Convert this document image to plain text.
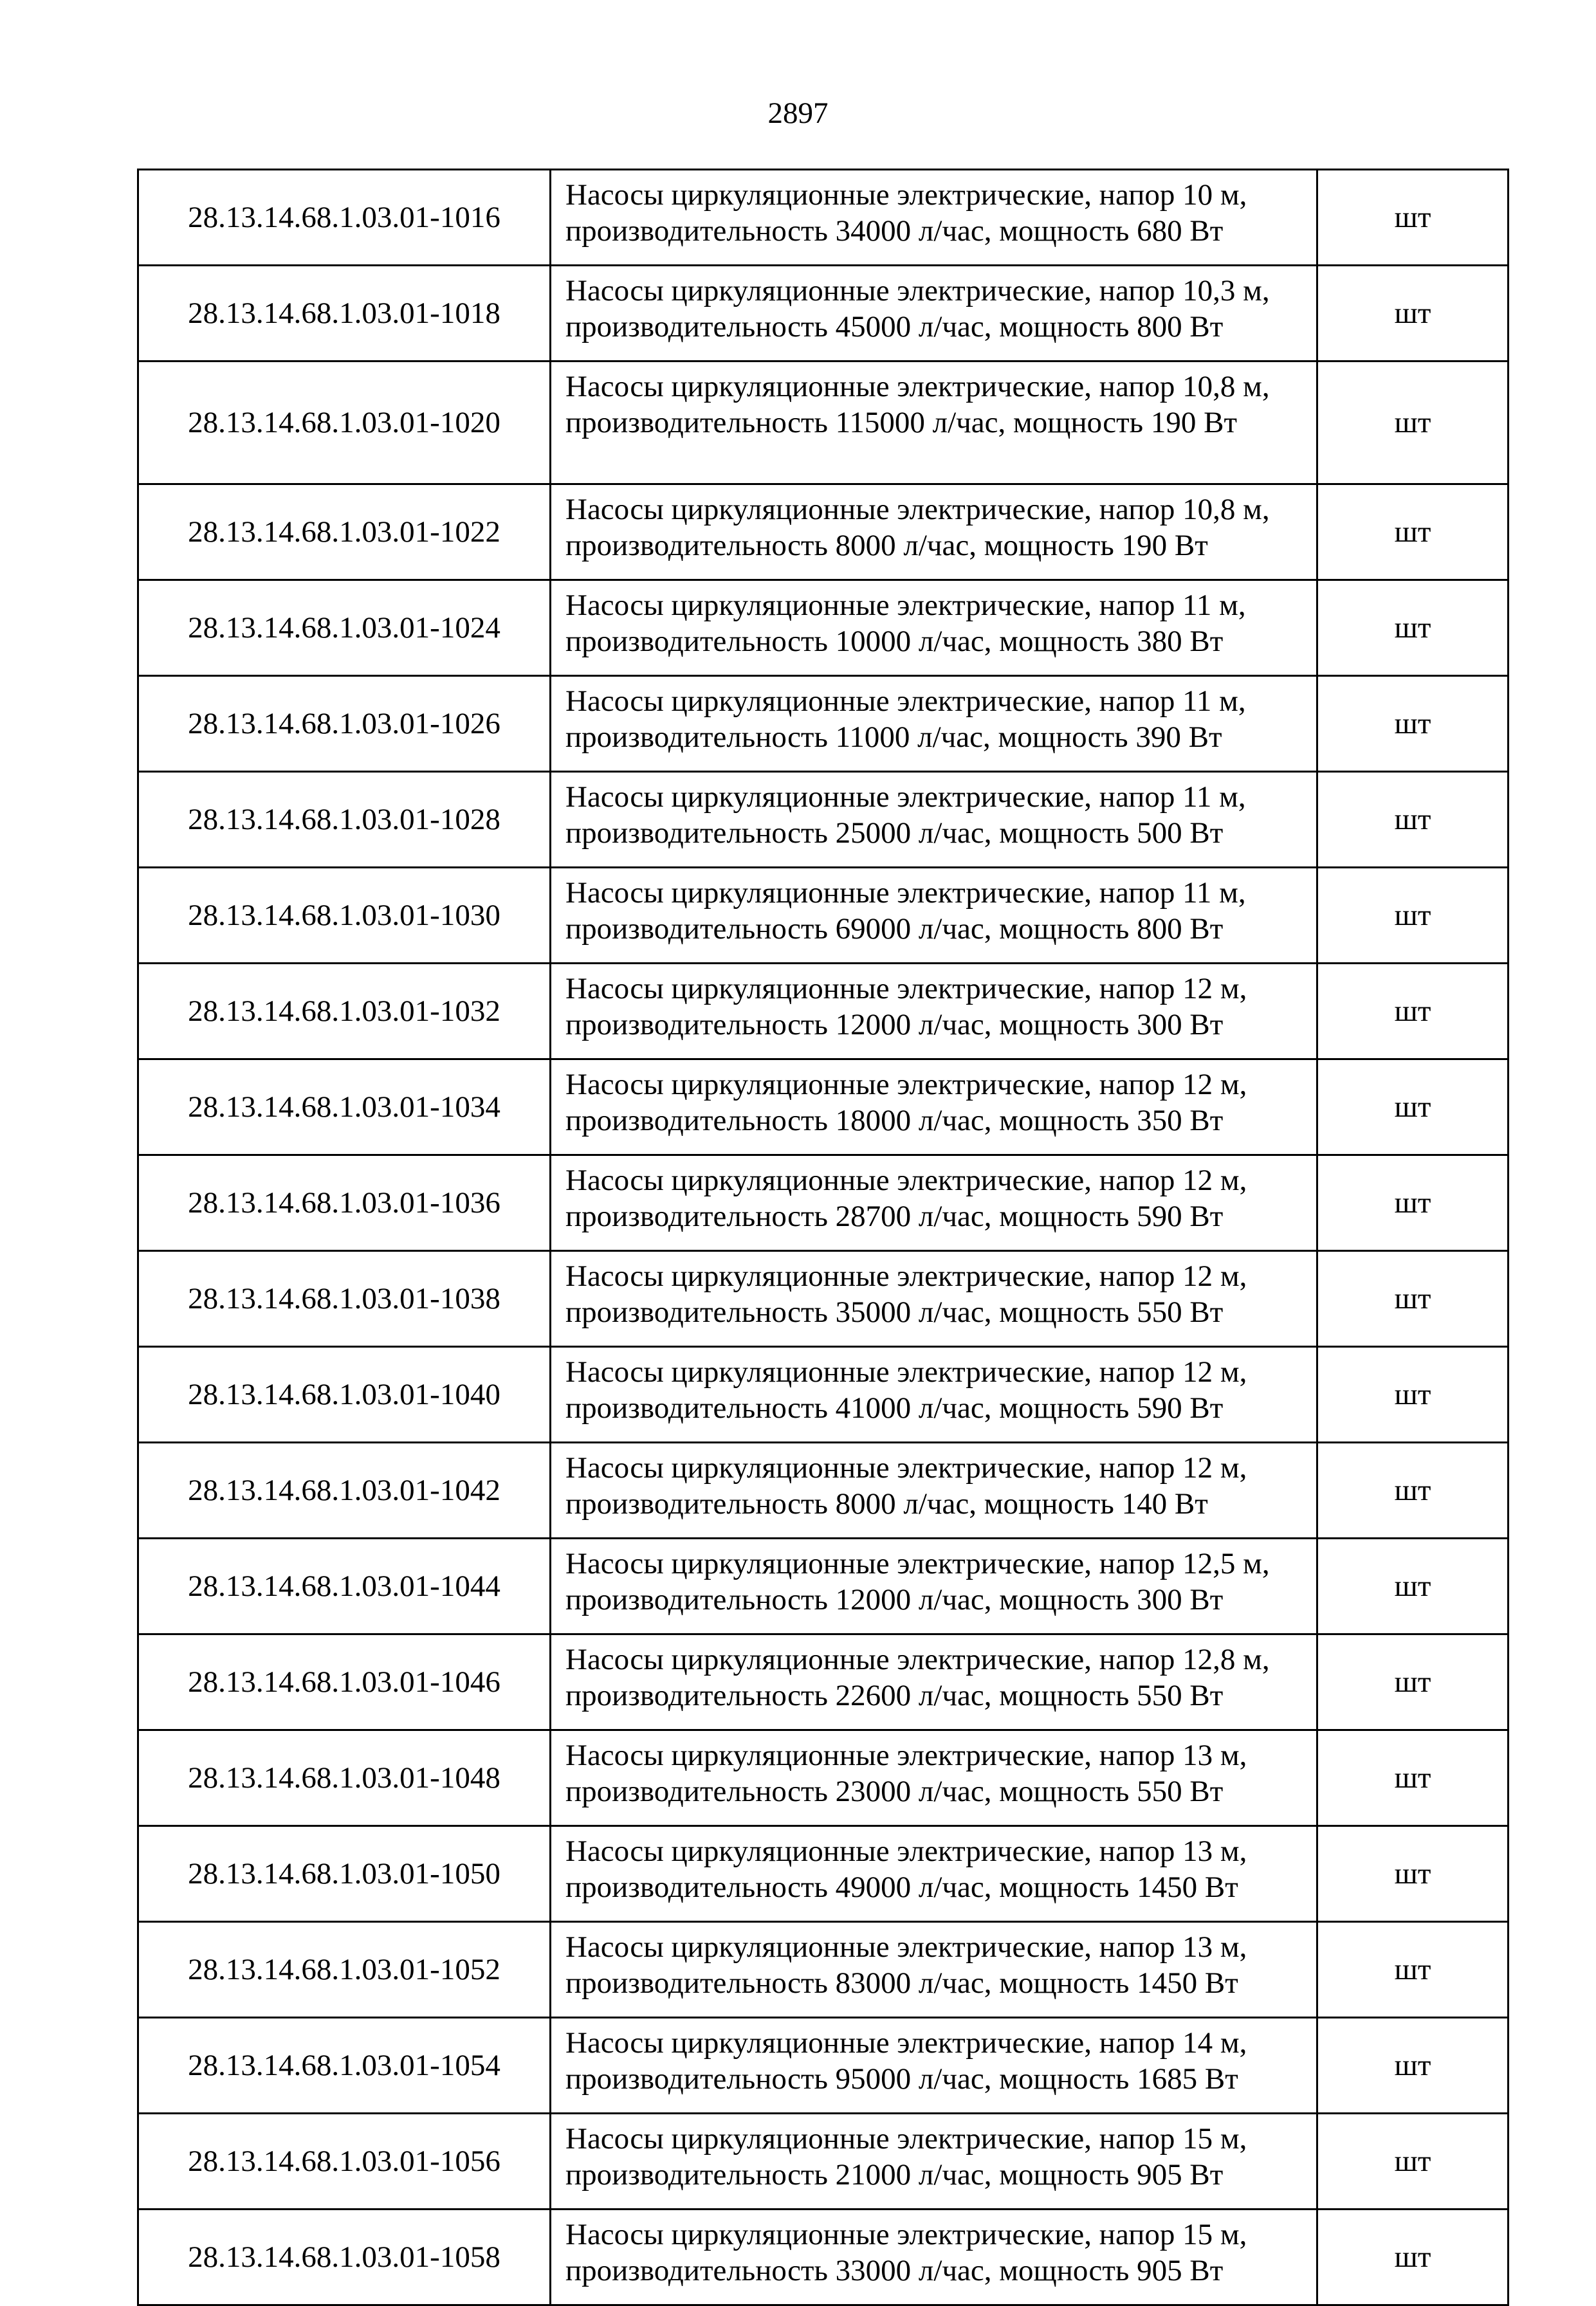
2897
28.13.14.68.1.03.01-1016	Насосы циркуляционные электрические, напор 10 м, производительность 34000 л/час, мощность 680 Вт	шт
28.13.14.68.1.03.01-1018	Насосы циркуляционные электрические, напор 10,3 м, производительность 45000 л/час, мощность 800 Вт	шт
28.13.14.68.1.03.01-1020	Насосы циркуляционные электрические, напор 10,8 м, производительность 115000 л/час, мощность 190 Вт	шт
28.13.14.68.1.03.01-1022	Насосы циркуляционные электрические, напор 10,8 м, производительность 8000 л/час, мощность 190 Вт	шт
28.13.14.68.1.03.01-1024	Насосы циркуляционные электрические, напор 11 м, производительность 10000 л/час, мощность 380 Вт	шт
28.13.14.68.1.03.01-1026	Насосы циркуляционные электрические, напор 11 м, производительность 11000 л/час, мощность 390 Вт	шт
28.13.14.68.1.03.01-1028	Насосы циркуляционные электрические, напор 11 м, производительность 25000 л/час, мощность 500 Вт	шт
28.13.14.68.1.03.01-1030	Насосы циркуляционные электрические, напор 11 м, производительность 69000 л/час, мощность 800 Вт	шт
28.13.14.68.1.03.01-1032	Насосы циркуляционные электрические, напор 12 м, производительность 12000 л/час, мощность 300 Вт	шт
28.13.14.68.1.03.01-1034	Насосы циркуляционные электрические, напор 12 м, производительность 18000 л/час, мощность 350 Вт	шт
28.13.14.68.1.03.01-1036	Насосы циркуляционные электрические, напор 12 м, производительность 28700 л/час, мощность 590 Вт	шт
28.13.14.68.1.03.01-1038	Насосы циркуляционные электрические, напор 12 м, производительность 35000 л/час, мощность 550 Вт	шт
28.13.14.68.1.03.01-1040	Насосы циркуляционные электрические, напор 12 м, производительность 41000 л/час, мощность 590 Вт	шт
28.13.14.68.1.03.01-1042	Насосы циркуляционные электрические, напор 12 м, производительность 8000 л/час, мощность 140 Вт	шт
28.13.14.68.1.03.01-1044	Насосы циркуляционные электрические, напор 12,5 м, производительность 12000 л/час, мощность 300 Вт	шт
28.13.14.68.1.03.01-1046	Насосы циркуляционные электрические, напор 12,8 м, производительность 22600 л/час, мощность 550 Вт	шт
28.13.14.68.1.03.01-1048	Насосы циркуляционные электрические, напор 13 м, производительность 23000 л/час, мощность 550 Вт	шт
28.13.14.68.1.03.01-1050	Насосы циркуляционные электрические, напор 13 м, производительность 49000 л/час, мощность 1450 Вт	шт
28.13.14.68.1.03.01-1052	Насосы циркуляционные электрические, напор 13 м, производительность 83000 л/час, мощность 1450 Вт	шт
28.13.14.68.1.03.01-1054	Насосы циркуляционные электрические, напор 14 м, производительность 95000 л/час, мощность 1685 Вт	шт
28.13.14.68.1.03.01-1056	Насосы циркуляционные электрические, напор 15 м, производительность 21000 л/час, мощность 905 Вт	шт
28.13.14.68.1.03.01-1058	Насосы циркуляционные электрические, напор 15 м, производительность 33000 л/час, мощность 905 Вт	шт
